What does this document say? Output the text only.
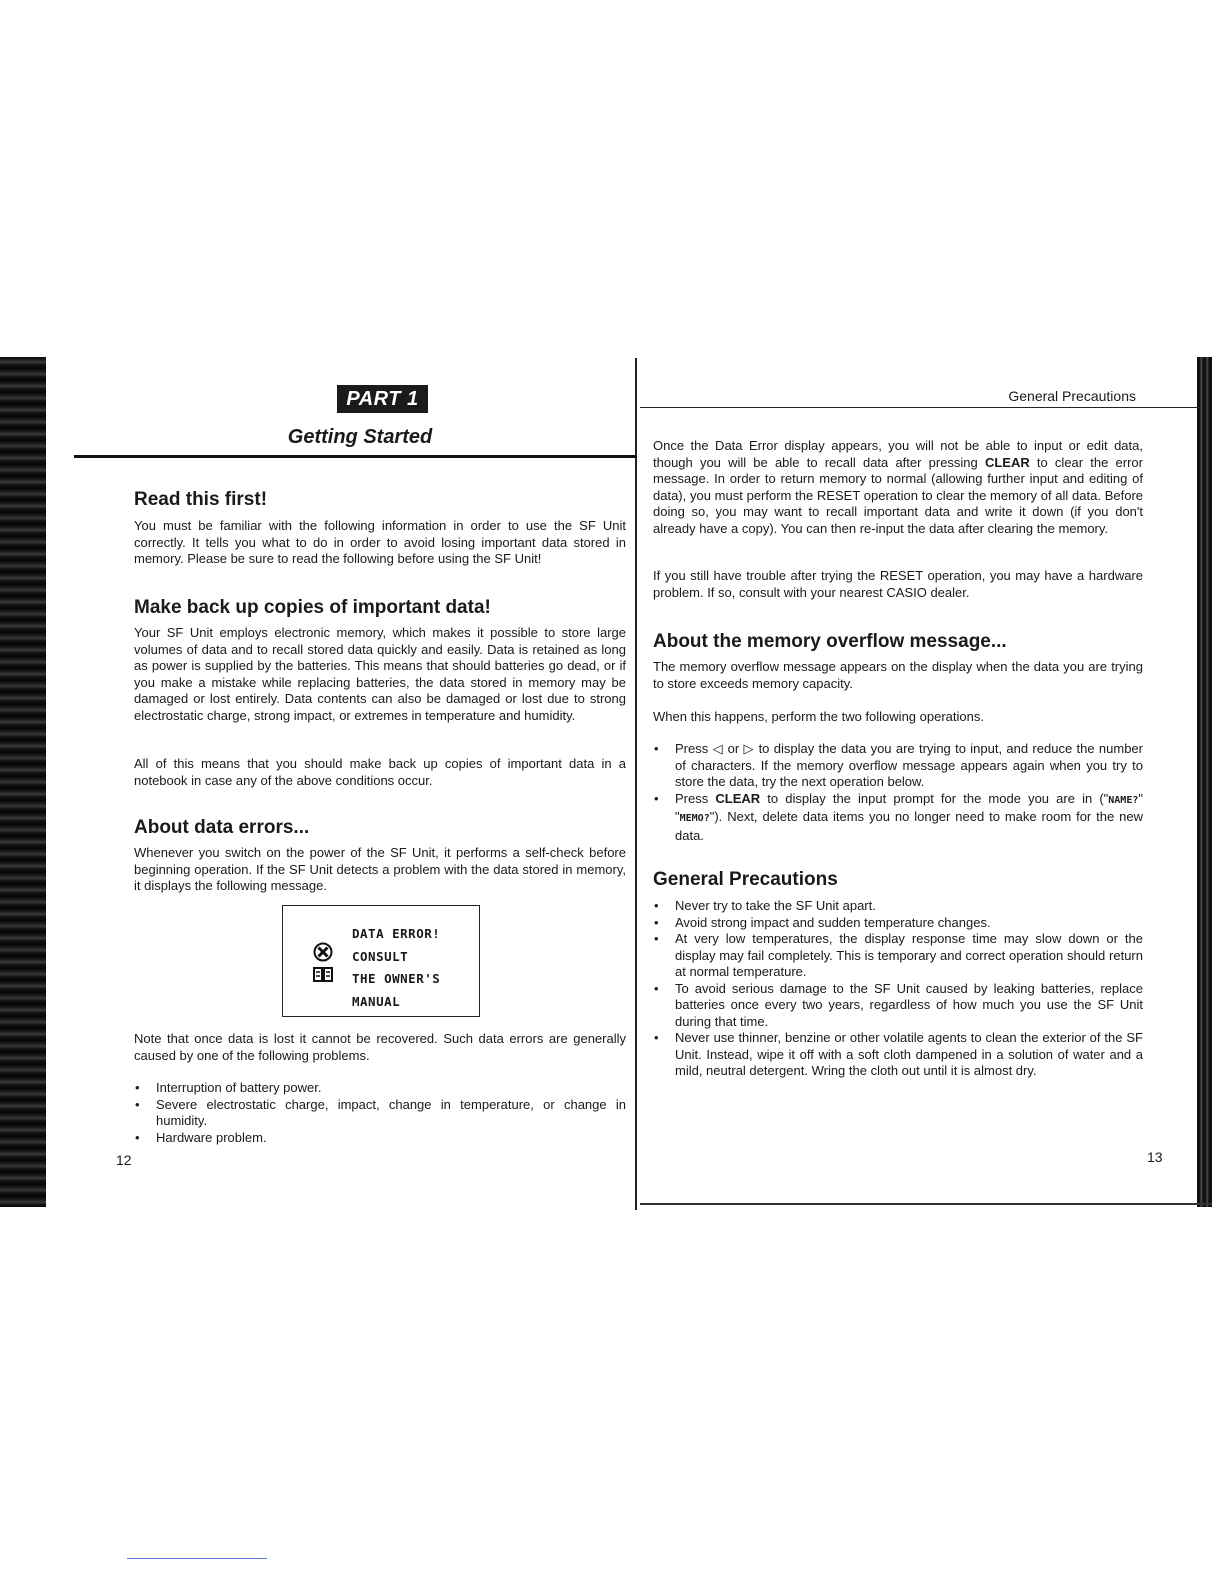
PART 1
Getting Started
Read this first!

You must be familiar with the following information in order to use the SF Unit correctly. It tells you what to do in order to avoid losing important data stored in memory. Please be sure to read the following before using the SF Unit!

Make back up copies of important data!

Your SF Unit employs electronic memory, which makes it possible to store large volumes of data and to recall stored data quickly and easily. Data is retained as long as power is supplied by the batteries. This means that should batteries go dead, or if you make a mistake while replacing batteries, the data stored in memory may be damaged or lost entirely. Data contents can also be damaged or lost due to strong electrostatic charge, strong impact, or extremes in temperature and humidity.

All of this means that you should make back up copies of important data in a notebook in case any of the above conditions occur.

About data errors...

Whenever you switch on the power of the SF Unit, it performs a self-check before beginning operation. If the SF Unit detects a problem with the data stored in memory, it displays the following message.

DATA ERROR!
CONSULT
THE OWNER'S
MANUAL

Note that once data is lost it cannot be recovered. Such data errors are generally caused by one of the following problems.

• Interruption of battery power.
• Severe electrostatic charge, impact, change in temperature, or change in humidity.
• Hardware problem.
12
General Precautions

Once the Data Error display appears, you will not be able to input or edit data, though you will be able to recall data after pressing CLEAR to clear the error message. In order to return memory to normal (allowing further input and editing of data), you must perform the RESET operation to clear the memory of all data. Before doing so, you may want to recall important data and write it down (if you don't already have a copy). You can then re-input the data after clearing the memory.

If you still have trouble after trying the RESET operation, you may have a hardware problem. If so, consult with your nearest CASIO dealer.

About the memory overflow message...

The memory overflow message appears on the display when the data you are trying to store exceeds memory capacity.

When this happens, perform the two following operations.

• Press ◁ or ▷ to display the data you are trying to input, and reduce the number of characters. If the memory overflow message appears again when you try to store the data, try the next operation below.
• Press CLEAR to display the input prompt for the mode you are in ("NAME?" "MEMO?"). Next, delete data items you no longer need to make room for the new data.
General Precautions
• Never try to take the SF Unit apart.
• Avoid strong impact and sudden temperature changes.
• At very low temperatures, the display response time may slow down or the display may fail completely. This is temporary and correct operation should return at normal temperature.
• To avoid serious damage to the SF Unit caused by leaking batteries, replace batteries once every two years, regardless of how much you use the SF Unit during that time.
• Never use thinner, benzine or other volatile agents to clean the exterior of the SF Unit. Instead, wipe it off with a soft cloth dampened in a solution of water and a mild, neutral detergent. Wring the cloth out until it is almost dry.
13
